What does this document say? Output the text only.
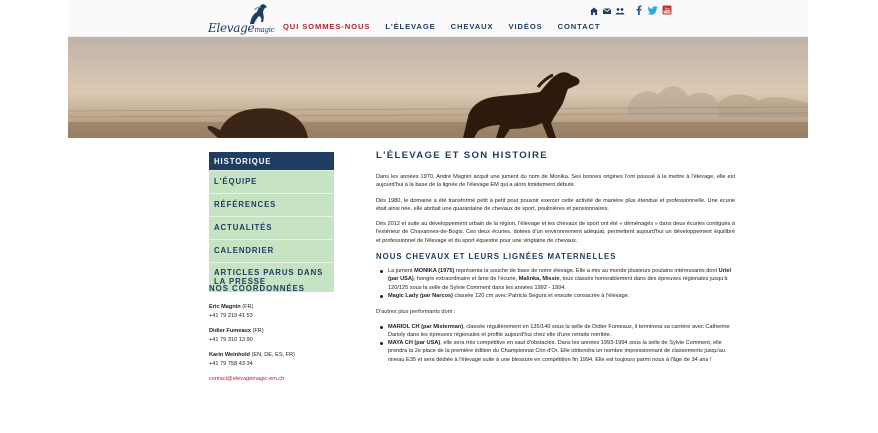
Elevagemagic QUI SOMMES-NOUS L'ÉLEVAGE CHEVAUX VIDÉOS CONTACT
You
Tube
HISTORIQUE
L'ÉQUIPE
RÉFÉRENCES
ACTUALITÉS
CALENDRIER
ARTICLES PARUS DANS LA PRESSE
NOS COORDONNÉES
Eric Magnin (FR)
+41 79 219 41 53
Didier Fumeaux (FR)
+41 79 310 13 90
Karin Weinhold (EN, DE, ES, FR)
+41 79 758 43 34
contact@elevagemagic-em.ch
L'ÉLEVAGE ET SON HISTOIRE

Dans les années 1970, André Magnin acquit une jument du nom de Monika. Ses bonnes origines l'ont poussé à la mettre à l'élevage, elle est aujourd'hui à la base de la lignée de l'élevage EM qui a alors timidement débuté.

Dès 1980, le domaine a été transformé petit à petit pour pouvoir exercer cette activité de manière plus étendue et professionnelle. Une écurie était ainsi née, elle abritait une quarantaine de chevaux de sport, poulinières et pensionnaires.

Dès 2012 et suite au développement urbain de la région, l'élevage et les chevaux de sport ont été « déménagés » dans deux écuries contiguës à l'extérieur de Chavannes-de-Bogis. Ces deux écuries, dotées d'un environnement adéquat, permettent aujourd'hui un développement équilibré et professionnel de l'élevage et du sport équestre pour une vingtaine de chevaux.

NOUS CHEVAUX ET LEURS LIGNÉES MATERNELLES
La jument MONIKA (1975) représenta la souche de base de notre élevage. Elle a mis au monde plusieurs poulains intéressants dont Uriel (par USA), hongre extraordinaire et âme de l'écurie, Malinka, Missie, tous classés honorablement dans des épreuves régionales jusqu'à 120/125 sous la selle de Sylvie Comment dans les années 1992 - 1994.
Magic Lady (par Narcos) classée 120 cm avec Patricia Segura et ensuite consacrée à l'élevage.
D'autres plus performants dont :
MARIOL CH (par Misterman), classée régulièrement en 135/140 sous la selle de Didier Fumeaux, il terminera sa carrière avec Catherine Darioly dans les épreuves régionales et profite aujourd'hui chez elle d'une retraite méritée.
MAYA CH (par USA), elle sera très compétitive en saut d'obstacles. Dans les années 1993-1994 sous la selle de Sylvie Comment, elle prendra la 2e place de la première édition du Championnat Crin d'Or. Elle obtiendra un nombre impressionnant de classements jusqu'au niveau E35 et sera dédiée à l'élevage suite à une blessure en compétition fin 1994. Elle est toujours parmi nous à l'âge de 34 ans !
